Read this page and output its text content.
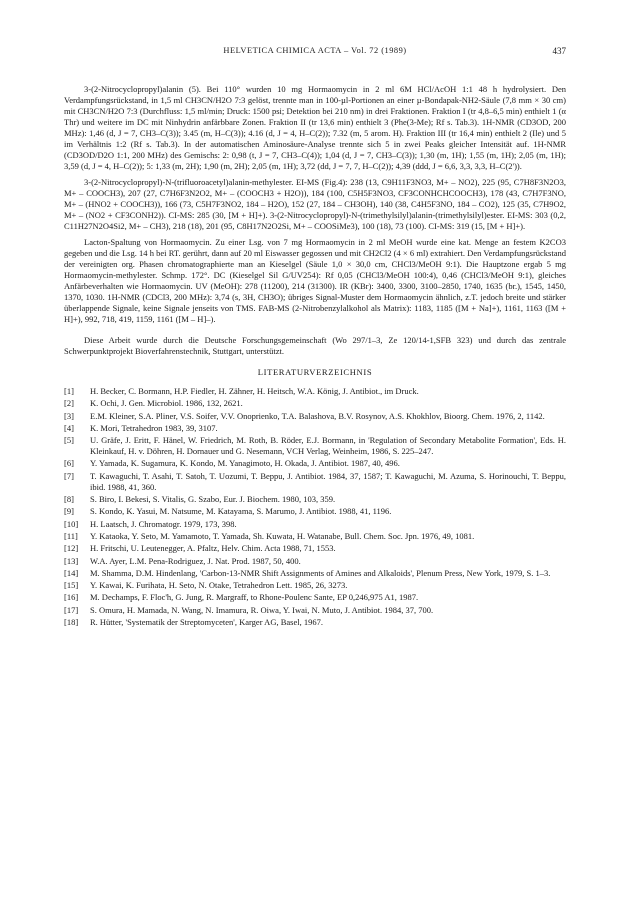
HELVETICA CHIMICA ACTA – Vol. 72 (1989)	437

3-(2-Nitrocyclopropyl)alanin (5). Bei 110° wurden 10 mg Hormaomycin in 2 ml 6M HCl/AcOH 1:1 48 h hydrolysiert. Den Verdampfungsrückstand, in 1,5 ml CH3CN/H2O 7:3 gelöst, trennte man in 100-µl-Portionen an einer µ-Bondapak-NH2-Säule (7,8 mm × 30 cm) mit CH3CN/H2O 7:3 (Durchfluss: 1,5 ml/min; Druck: 1500 psi; Detektion bei 210 nm) in drei Fraktionen. Fraktion I (tr 4,8–6,5 min) enthielt 1 (α Thr) und weitere im DC mit Ninhydrin anfärbbare Zonen. Fraktion II (tr 13,6 min) enthielt 3 (Phe(3-Me); Rf s. Tab.3). 1H-NMR (CD3OD, 200 MHz): 1,46 (d, J = 7, CH3–C(3)); 3.45 (m, H–C(3)); 4.16 (d, J = 4, H–C(2)); 7.32 (m, 5 arom. H). Fraktion III (tr 16,4 min) enthielt 2 (Ile) und 5 im Verhältnis 1:2 (Rf s. Tab.3). In der automatischen Aminosäure-Analyse trennte sich 5 in zwei Peaks gleicher Intensität auf. 1H-NMR (CD3OD/D2O 1:1, 200 MHz) des Gemischs: 2: 0,98 (t, J = 7, CH3–C(4)); 1,04 (d, J = 7, CH3–C(3)); 1,30 (m, 1H); 1,55 (m, 1H); 2,05 (m, 1H); 3,59 (d, J = 4, H–C(2)); 5: 1,33 (m, 2H); 1,90 (m, 2H); 2,05 (m, 1H); 3,72 (dd, J = 7, 7, H–C(2)); 4,39 (ddd, J = 6,6, 3,3, 3,3, H–C(2')).

3-(2-Nitrocyclopropyl)-N-(trifluoroacetyl)alanin-methylester. EI-MS (Fig.4): 238 (13, C9H11F3NO3, M+ – NO2), 225 (95, C7H8F3N2O3, M+ – COOCH3), 207 (27, C7H6F3N2O2, M+ – (COOCH3 + H2O)), 184 (100, C5H5F3NO3, CF3CONHCHCOOCH3), 178 (43, C7H7F3NO, M+ – (HNO2 + COOCH3)), 166 (73, C5H7F3NO2, 184 – H2O), 152 (27, 184 – CH3OH), 140 (38, C4H5F3NO, 184 – CO2), 125 (35, C7H9O2, M+ – (NO2 + CF3CONH2)). CI-MS: 285 (30, [M + H]+). 3-(2-Nitrocyclopropyl)-N-(trimethylsilyl)alanin-(trimethylsilyl)ester. EI-MS: 303 (0,2, C11H27N2O4Si2, M+ – CH3), 218 (18), 201 (95, C8H17N2O2Si, M+ – COOSiMe3), 100 (18), 73 (100). CI-MS: 319 (15, [M + H]+).

Lacton-Spaltung von Hormaomycin. Zu einer Lsg. von 7 mg Hormaomycin in 2 ml MeOH wurde eine kat. Menge an festem K2CO3 gegeben und die Lsg. 14 h bei RT. gerührt, dann auf 20 ml Eiswasser gegossen und mit CH2Cl2 (4 × 6 ml) extrahiert. Den Verdampfungsrückstand der vereinigten org. Phasen chromatographierte man an Kieselgel (Säule 1,0 × 30,0 cm, CHCl3/MeOH 9:1). Die Hauptzone ergab 5 mg Hormaomycin-methylester. Schmp. 172°. DC (Kieselgel Sil G/UV254): Rf 0,05 (CHCl3/MeOH 100:4), 0,46 (CHCl3/MeOH 9:1), gleiches Anfärbeverhalten wie Hormaomycin. UV (MeOH): 278 (11200), 214 (31300). IR (KBr): 3400, 3300, 3100–2850, 1740, 1635 (br.), 1545, 1450, 1370, 1030. 1H-NMR (CDCl3, 200 MHz): 3,74 (s, 3H, CH3O); übriges Signal-Muster dem Hormaomycin ähnlich, z.T. jedoch breite und stärker überlappende Signale, keine Signale jenseits von TMS. FAB-MS (2-Nitrobenzylalkohol als Matrix): 1183, 1185 ([M + Na]+), 1161, 1163 ([M + H]+), 992, 718, 419, 1159, 1161 ([M – H]–).

Diese Arbeit wurde durch die Deutsche Forschungsgemeinschaft (Wo 297/1–3, Ze 120/14-1,SFB 323) und durch das zentrale Schwerpunktprojekt Bioverfahrenstechnik, Stuttgart, unterstützt.

LITERATURVERZEICHNIS
[1] H. Becker, C. Bormann, H.P. Fiedler, H. Zähner, H. Heitsch, W.A. König, J. Antibiot., im Druck.
[2] K. Ochi, J. Gen. Microbiol. 1986, 132, 2621.
[3] E.M. Kleiner, S.A. Pliner, V.S. Soifer, V.V. Onoprienko, T.A. Balashova, B.V. Rosynov, A.S. Khokhlov, Bioorg. Chem. 1976, 2, 1142.
[4] K. Mori, Tetrahedron 1983, 39, 3107.
[5] U. Gräfe, J. Eritt, F. Hänel, W. Friedrich, M. Roth, B. Röder, E.J. Bormann, in 'Regulation of Secondary Metabolite Formation', Eds. H. Kleinkauf, H. v. Döhren, H. Dornauer und G. Nesemann, VCH Verlag, Weinheim, 1986, S. 225–247.
[6] Y. Yamada, K. Sugamura, K. Kondo, M. Yanagimoto, H. Okada, J. Antibiot. 1987, 40, 496.
[7] T. Kawaguchi, T. Asahi, T. Satoh, T. Uozumi, T. Beppu, J. Antibiot. 1984, 37, 1587; T. Kawaguchi, M. Azuma, S. Horinouchi, T. Beppu, ibid. 1988, 41, 360.
[8] S. Biro, I. Bekesi, S. Vitalis, G. Szabo, Eur. J. Biochem. 1980, 103, 359.
[9] S. Kondo, K. Yasui, M. Natsume, M. Katayama, S. Marumo, J. Antibiot. 1988, 41, 1196.
[10] H. Laatsch, J. Chromatogr. 1979, 173, 398.
[11] Y. Kataoka, Y. Seto, M. Yamamoto, T. Yamada, Sh. Kuwata, H. Watanabe, Bull. Chem. Soc. Jpn. 1976, 49, 1081.
[12] H. Fritschi, U. Leutenegger, A. Pfaltz, Helv. Chim. Acta 1988, 71, 1553.
[13] W.A. Ayer, L.M. Pena-Rodriguez, J. Nat. Prod. 1987, 50, 400.
[14] M. Shamma, D.M. Hindenlang, 'Carbon-13-NMR Shift Assignments of Amines and Alkaloids', Plenum Press, New York, 1979, S. 1–3.
[15] Y. Kawai, K. Furihata, H. Seto, N. Otake, Tetrahedron Lett. 1985, 26, 3273.
[16] M. Dechamps, F. Floc'h, G. Jung, R. Margraff, to Rhone-Poulenc Sante, EP 0,246,975 A1, 1987.
[17] S. Omura, H. Mamada, N. Wang, N. Imamura, R. Oiwa, Y. Iwai, N. Muto, J. Antibiot. 1984, 37, 700.
[18] R. Hütter, 'Systematik der Streptomyceten', Karger AG, Basel, 1967.
